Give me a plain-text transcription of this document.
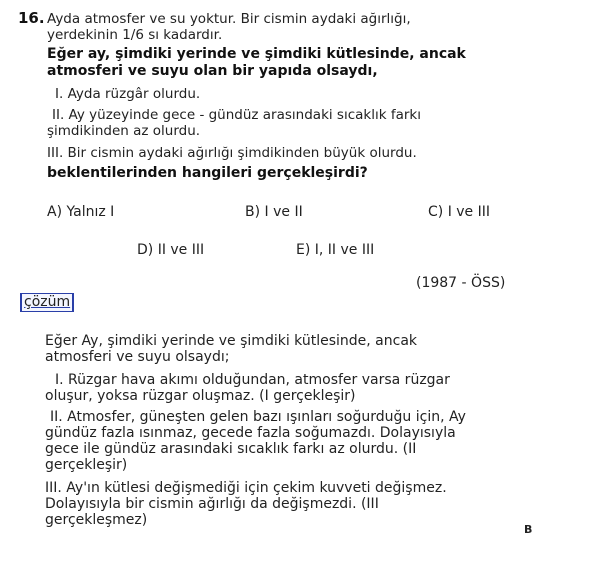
16. Ayda atmosfer ve su yoktur. Bir cismin aydaki ağırlığı,
yerdekinin 1/6 sı kadardır.
Eğer ay, şimdiki yerinde ve şimdiki kütlesinde, ancak
atmosferi ve suyu olan bir yapıda olsaydı,
I. Ayda rüzgâr olurdu.
II. Ay yüzeyinde gece - gündüz arasındaki sıcaklık farkı
şimdikinden az olurdu.
III. Bir cismin aydaki ağırlığı şimdikinden büyük olurdu.
beklentilerinden hangileri gerçekleşirdi?
A) Yalnız I	B) I ve II	C) I ve III
D) II ve III	E) I, II ve III
(1987 - ÖSS)
çözüm
Eğer Ay, şimdiki yerinde ve şimdiki kütlesinde, ancak
atmosferi ve suyu olsaydı;
I. Rüzgar hava akımı olduğundan, atmosfer varsa rüzgar
oluşur, yoksa rüzgar oluşmaz. (I gerçekleşir)
II. Atmosfer, güneşten gelen bazı ışınları soğurduğu için, Ay
gündüz fazla ısınmaz, gecede fazla soğumazdı. Dolayısıyla
gece ile gündüz arasındaki sıcaklık farkı az olurdu. (II
gerçekleşir)
III. Ay'ın kütlesi değişmediği için çekim kuvveti değişmez.
Dolayısıyla bir cismin ağırlığı da değişmezdi. (III
gerçekleşmez)
B
